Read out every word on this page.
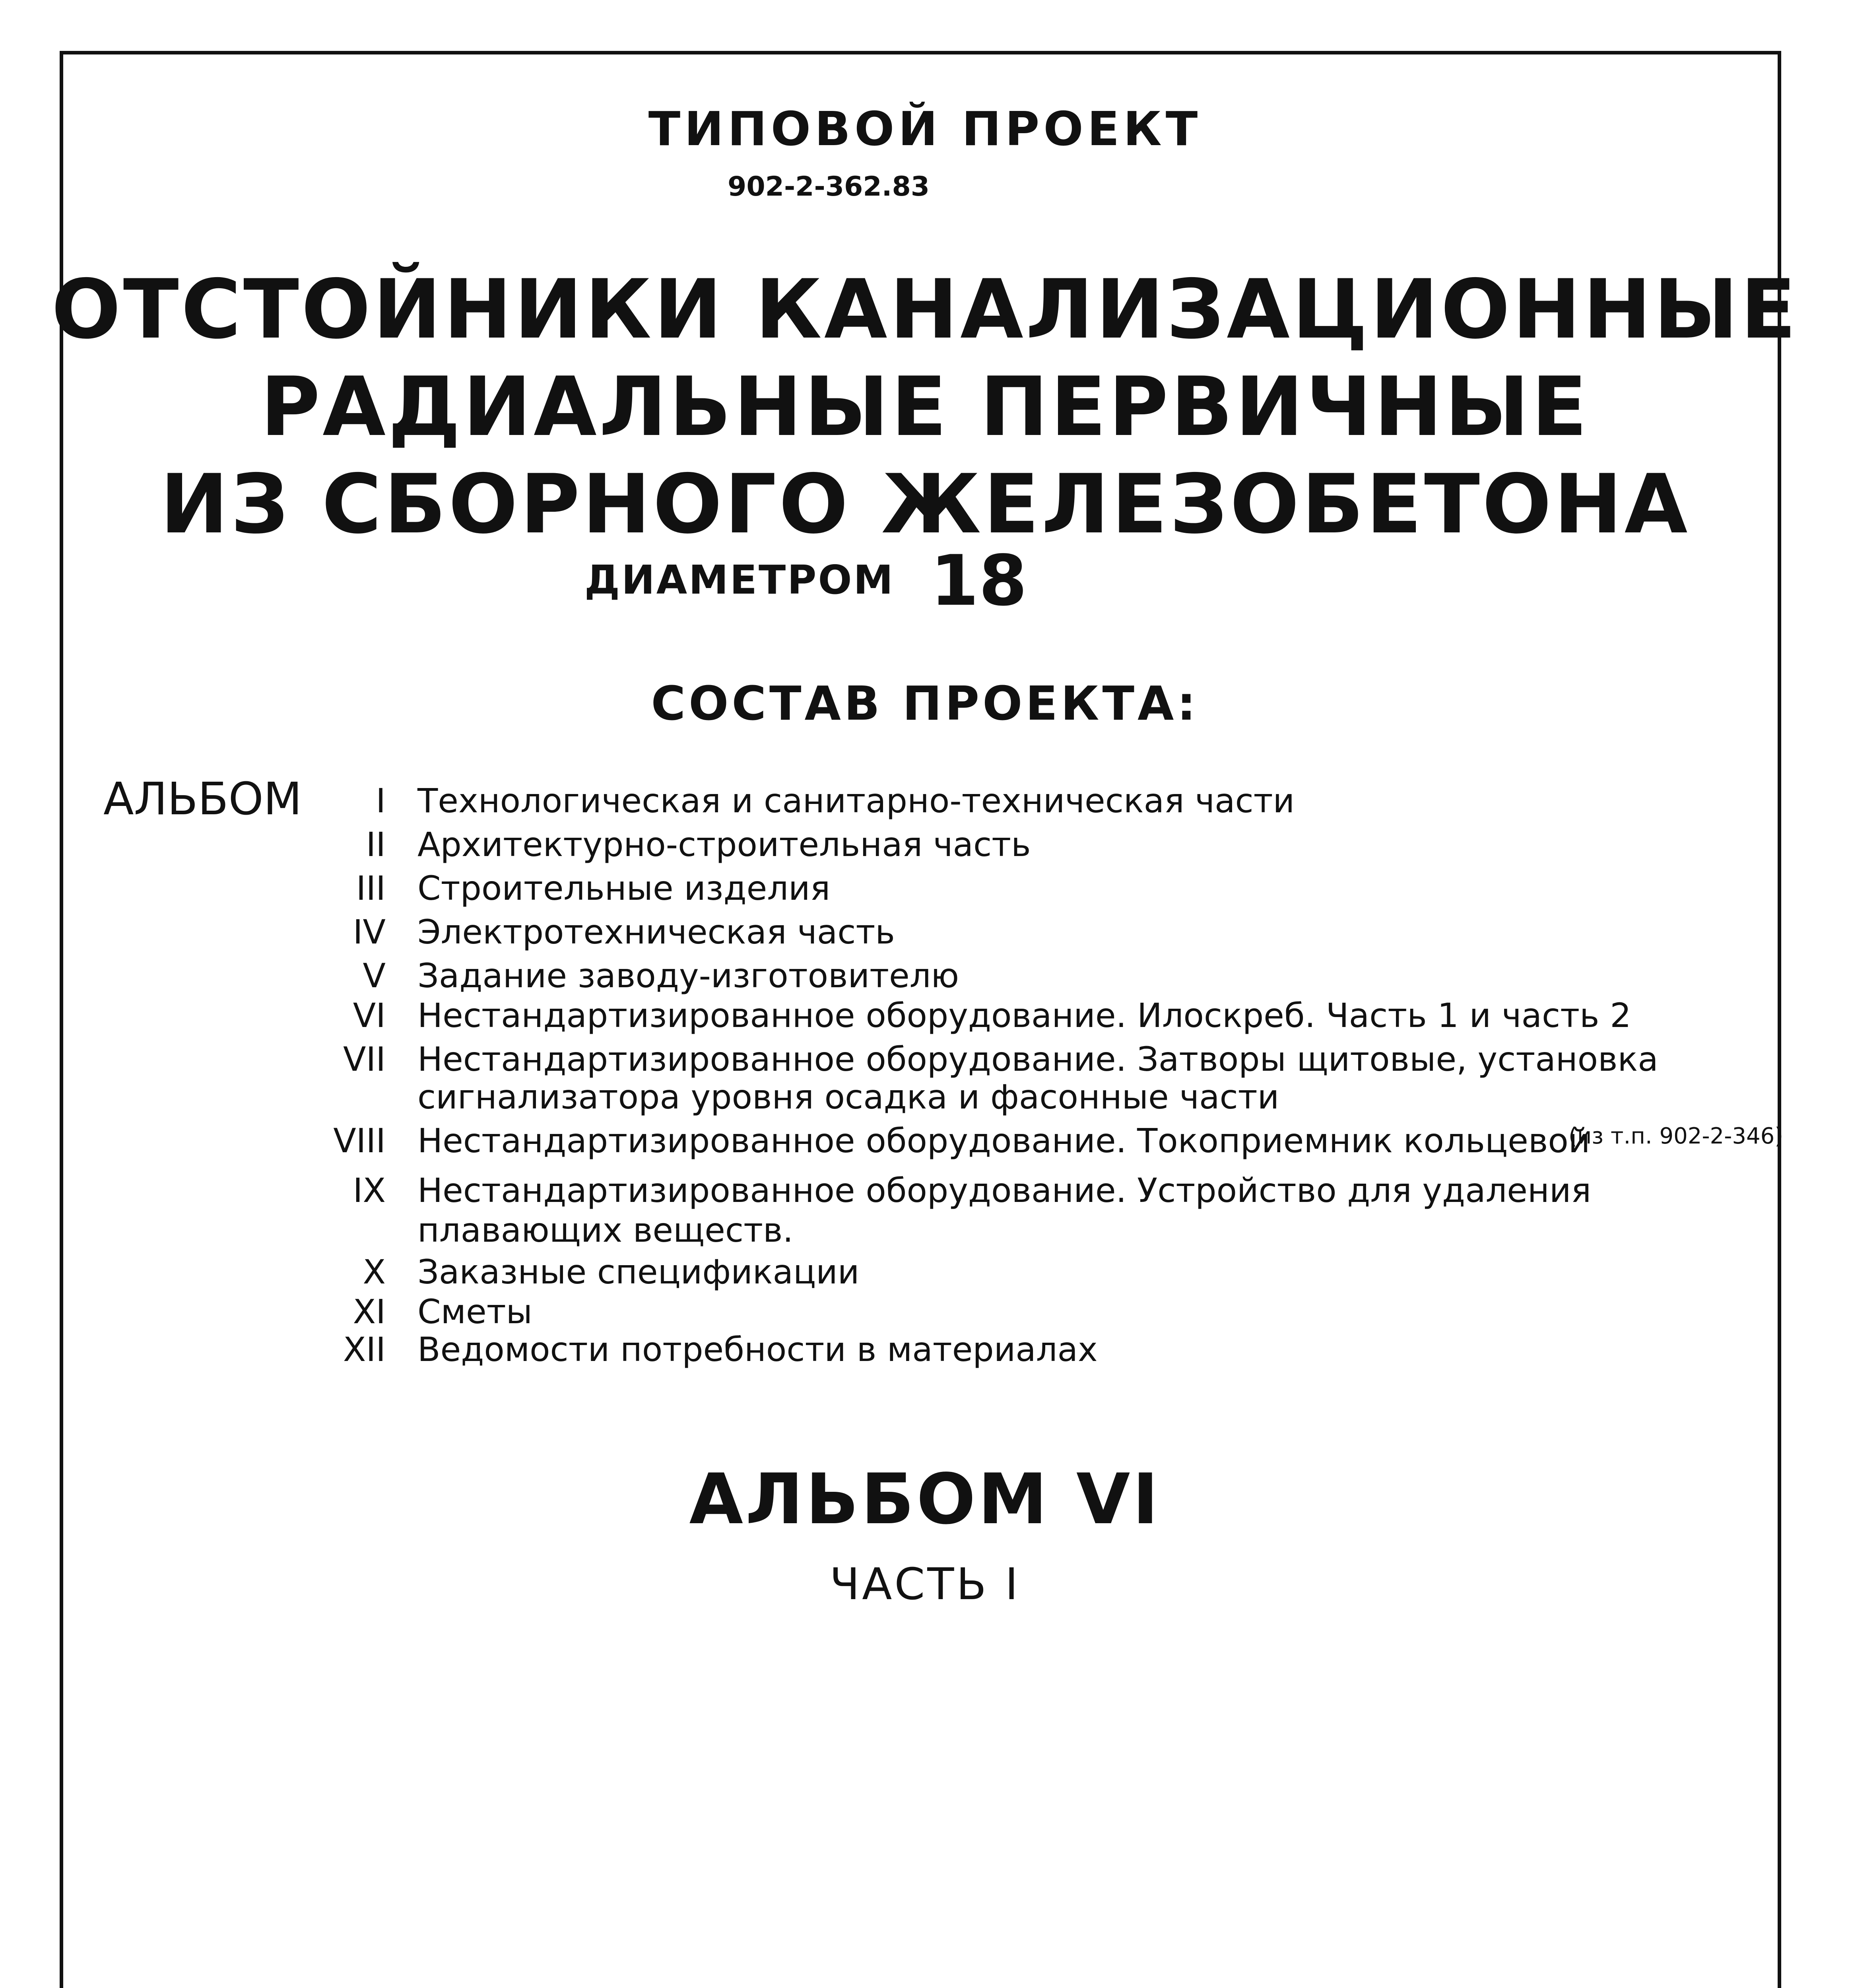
ТИПОВОЙ ПРОЕКТ
902-2-362.83
ОТСТОЙНИКИ КАНАЛИЗАЦИОННЫЕ
РАДИАЛЬНЫЕ ПЕРВИЧНЫЕ
ИЗ СБОРНОГО ЖЕЛЕЗОБЕТОНА
ДИАМЕТРОМ 18
СОСТАВ ПРОЕКТА:
АЛЬБОМ	I Технологическая и санитарно-техническая части
II Архитектурно-строительная часть
III Строительные изделия
IV Электротехническая часть
V Задание заводу-изготовителю
VI Нестандартизированное оборудование. Илоскреб. Часть 1 и часть 2
VII Нестандартизированное оборудование. Затворы щитовые, установка
сигнализатора уровня осадка и фасонные части
VIII Нестандартизированное оборудование. Токоприемник кольцевой
(из т.п. 902-2-346)
IX Нестандартизированное оборудование. Устройство для удаления
плавающих веществ.
X Заказные спецификации
XI Сметы
XII Ведомости потребности в материалах
АЛЬБОМ VI
ЧАСТЬ I
